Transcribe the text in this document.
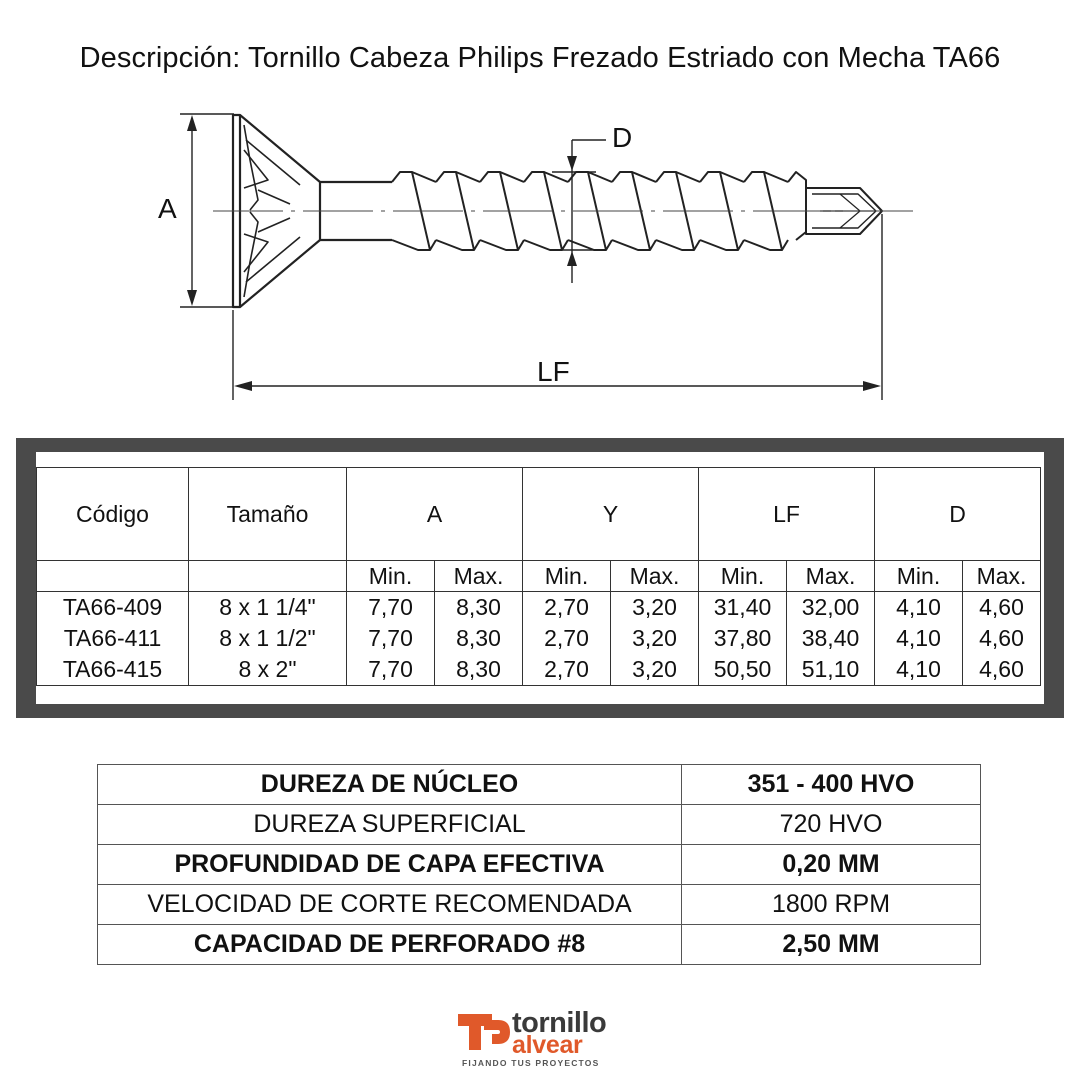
Descripción: Tornillo Cabeza Philips Frezado Estriado con Mecha TA66
A
D
LF
Código	Tamaño	A		Y		LF		D	
		Min.	Max.	Min.	Max.	Min.	Max.	Min.	Max.
TA66-409	8 x 1 1/4"	7,70	8,30	2,70	3,20	31,40	32,00	4,10	4,60
TA66-411	8 x 1 1/2"	7,70	8,30	2,70	3,20	37,80	38,40	4,10	4,60
TA66-415	8 x 2"	7,70	8,30	2,70	3,20	50,50	51,10	4,10	4,60
DUREZA DE NÚCLEO	351 - 400 HVO
DUREZA SUPERFICIAL	720 HVO
PROFUNDIDAD DE CAPA EFECTIVA	0,20 MM
VELOCIDAD DE CORTE RECOMENDADA	1800 RPM
CAPACIDAD DE PERFORADO #8	2,50 MM
tornillo
alvear
FIJANDO TUS PROYECTOS
